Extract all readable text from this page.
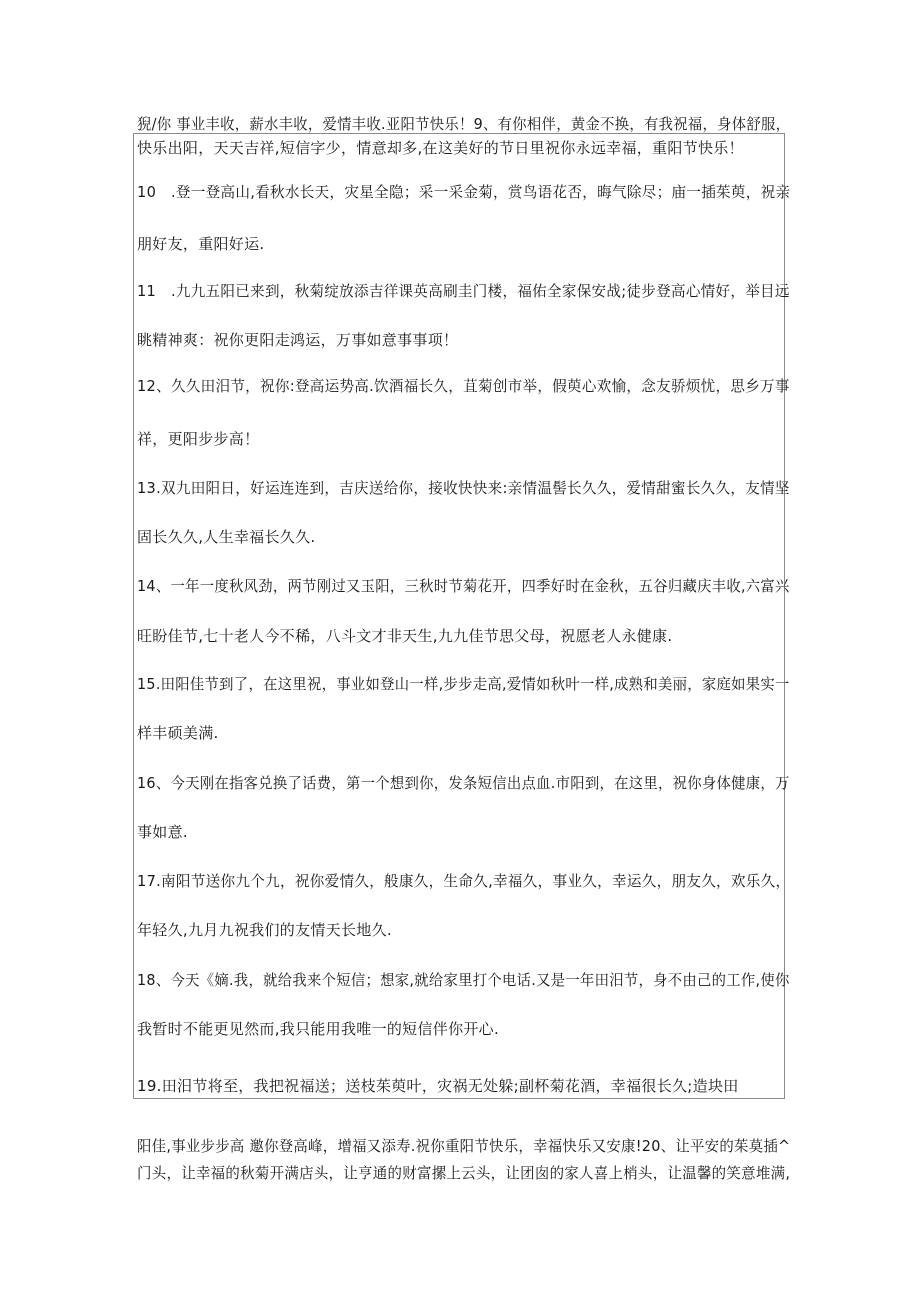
猊/你 事业丰收，薪水丰收，爱情丰收.亚阳节快乐！9、有你相伴，黄金不换，有我祝福，身体舒服，
快乐出阳，天天吉祥,短信字少，情意却多,在这美好的节日里祝你永远幸福，重阳节快乐！
10　.登一登高山,看秋水长天，灾星全隐；采一采金菊，赏鸟语花否，晦气除尽；庙一插茱萸，祝亲
朋好友，重阳好运.
11　.九九五阳已来到，秋菊绽放添吉徉课英高刷圭门楼，福佑全家保安战;徒步登高心情好，举目远
眺精神爽：祝你更阳走鸿运，万事如意事事项！
12、久久田汨节，祝你:登高运势高.饮酒福长久，苴菊创市举，假萸心欢愉，念友骄烦忧，思乡万事
祥，更阳步步高！
13.双九田阳日，好运连连到，吉庆送给你，接收快快来:亲情温髻长久久，爱情甜蜜长久久，友情坚
固长久久,人生幸福长久久.
14、一年一度秋风劲，两节刚过又玉阳，三秋时节菊花开，四季好时在金秋，五谷归藏庆丰收,六富兴
旺盼佳节,七十老人今不稀，八斗文才非天生,九九佳节思父母，祝愿老人永健康.
15.田阳佳节到了，在这里祝，事业如登山一样,步步走高,爱情如秋叶一样,成熟和美丽，家庭如果实一
样丰硕美满.
16、今天刚在指客兑换了话费，第一个想到你，发条短信出点血.市阳到，在这里，祝你身体健康，万
事如意.
17.南阳节送你九个九，祝你爱情久，般康久，生命久,幸福久，事业久，幸运久，朋友久，欢乐久，
年轻久,九月九祝我们的友情天长地久.
18、今天《嫡.我，就给我来个短信；想家,就给家里打个电话.又是一年田汨节，身不由己的工作,使你
我暂时不能更见然而,我只能用我唯一的短信伴你开心.
19.田汨节将至，我把祝福送；送枝茱萸叶，灾祸无处躲;副杯菊花酒，幸福很长久;造块田
阳佳,事业步步高 邀你登高峰，增福又添寿.祝你重阳节快乐，幸福快乐又安康!20、让平安的茱莫插^
门头，让幸福的秋菊开满店头，让亨通的财富摞上云头，让团囱的家人喜上梢头，让温馨的笑意堆满,
